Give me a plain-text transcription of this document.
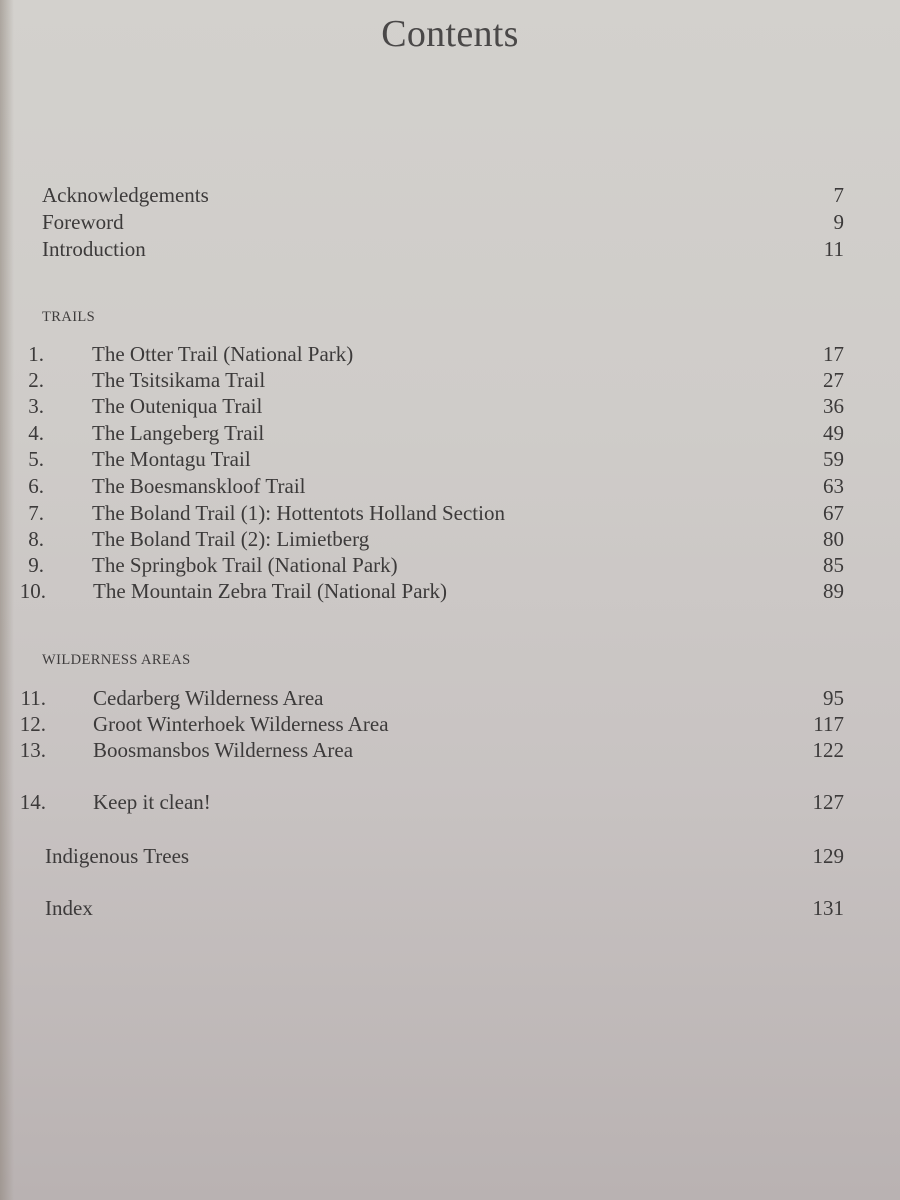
Contents
Acknowledgements	7
Foreword	9
Introduction	11
TRAILS
1. The Otter Trail (National Park)	17
2. The Tsitsikama Trail	27
3. The Outeniqua Trail	36
4. The Langeberg Trail	49
5. The Montagu Trail	59
6. The Boesmanskloof Trail	63
7. The Boland Trail (1): Hottentots Holland Section	67
8. The Boland Trail (2): Limietberg	80
9. The Springbok Trail (National Park)	85
10. The Mountain Zebra Trail (National Park)	89
WILDERNESS AREAS
11. Cedarberg Wilderness Area	95
12. Groot Winterhoek Wilderness Area	117
13. Boosmansbos Wilderness Area	122
14. Keep it clean!	127
Indigenous Trees	129
Index	131
